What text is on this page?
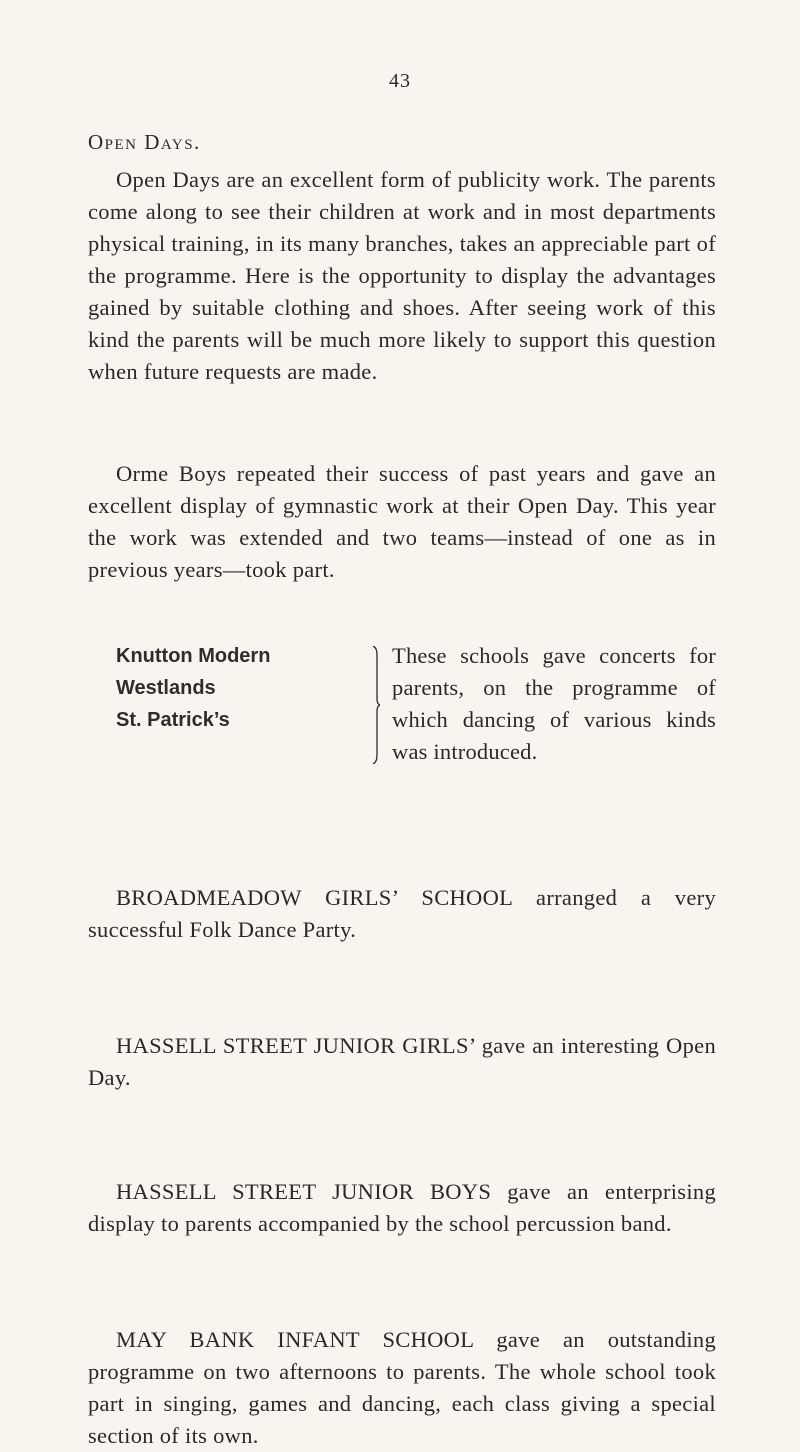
43
Open Days.

Open Days are an excellent form of publicity work. The parents come along to see their children at work and in most departments physical training, in its many branches, takes an appreciable part of the programme. Here is the opportunity to display the advantages gained by suitable clothing and shoes. After seeing work of this kind the parents will be much more likely to support this question when future requests are made.

Orme Boys repeated their success of past years and gave an excellent display of gymnastic work at their Open Day. This year the work was extended and two teams—instead of one as in previous years—took part.

Knutton Modern
Westlands
St. Patrick’s

These schools gave concerts for parents, on the programme of which dancing of various kinds was introduced.

BROADMEADOW GIRLS’ SCHOOL arranged a very successful Folk Dance Party.

HASSELL STREET JUNIOR GIRLS’ gave an interesting Open Day.

HASSELL STREET JUNIOR BOYS gave an enterprising display to parents accompanied by the school percussion band.

MAY BANK INFANT SCHOOL gave an outstanding programme on two afternoons to parents. The whole school took part in singing, games and dancing, each class giving a special section of its own.
